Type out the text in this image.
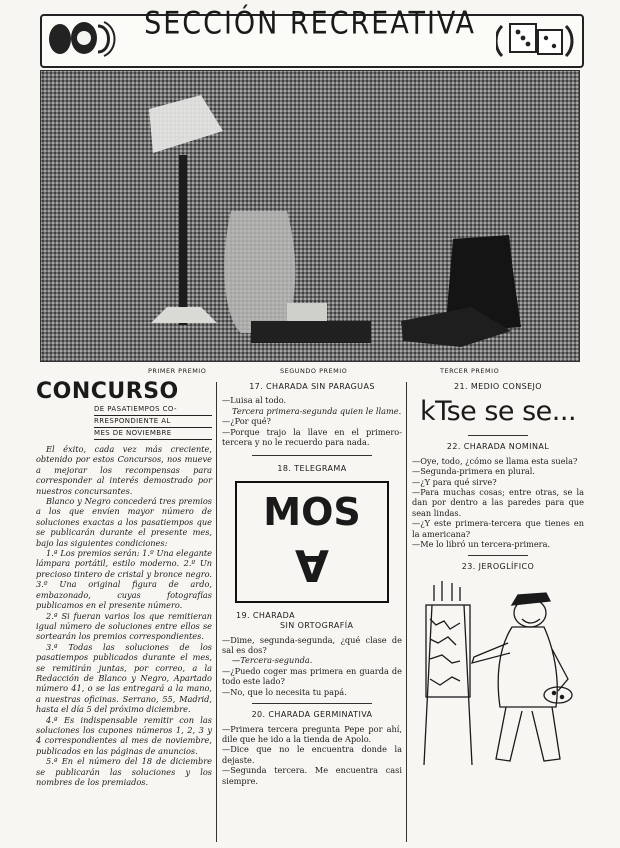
SECCIÓN RECREATIVA
PRIMER PREMIO	SEGUNDO PREMIO	TERCER PREMIO
CONCURSO
DE PASATIEMPOS CO-
RRESPONDIENTE AL
MES DE NOVIEMBRE

El éxito, cada vez más creciente, obtenido por estos Concursos, nos mueve a mejorar los recompensas para corresponder al interés demostrado por nuestros concursantes.

Blanco y Negro concederá tres premios a los que envíen mayor número de soluciones exactas a los pasatiempos que se publicarán durante el presente mes, bajo las siguientes condiciones:

1.ª Los premios serán: 1.º Una elegante lámpara portátil, estilo moderno. 2.º Un precioso tintero de cristal y bronce negro. 3.º Una original figura de ardo, embazonado, cuyas fotografías publicamos en el presente número.

2.ª Si fueran varios los que remitieran igual número de soluciones entre ellos se sortearán los premios correspondientes.

3.ª Todas las soluciones de los pasatiempos publicados durante el mes, se remitirán juntas, por correo, a la Redacción de Blanco y Negro, Apartado número 41, o se las entregará a la mano, a nuestras oficinas. Serrano, 55, Madrid, hasta el día 5 del próximo diciembre.

4.ª Es indispensable remitir con las soluciones los cupones números 1, 2, 3 y 4 correspondientes al mes de noviembre, publicados en las páginas de anuncios.

5.ª En el número del 18 de diciembre se publicarán las soluciones y los nombres de los premiados.

17. CHARADA SIN PARAGUAS

—Luisa al todo.

Tercera primera-segunda quien le llame.

—¿Por qué?

—Porque trajo la llave en el primero-tercera y no le recuerdo para nada.

18. TELEGRAMA
MOS
A
19. CHARADA
SIN ORTOGRAFÍA

—Dime, segunda-segunda, ¿qué clase de sal es dos?

—Tercera-segunda.

—¿Puedo coger mas primera en guarda de todo este lado?

—No, que lo necesita tu papá.

20. CHARADA GERMINATIVA

—Primera tercera pregunta Pepe por ahí, dile que he ido a la tienda de Apolo.

—Dice que no le encuentra donde la dejaste.

—Segunda tercera. Me encuentra casi siempre.

21. MEDIO CONSEJO
kTse se se...
22. CHARADA NOMINAL

—Oye, todo, ¿cómo se llama esta suela?

—Segunda-primera en plural.

—¿Y para qué sirve?

—Para muchas cosas; entre otras, se la dan por dentro a las paredes para que sean lindas.

—¿Y este primera-tercera que tienes en la americana?

—Me lo libró un tercera-primera.

23. JEROGLÍFICO
